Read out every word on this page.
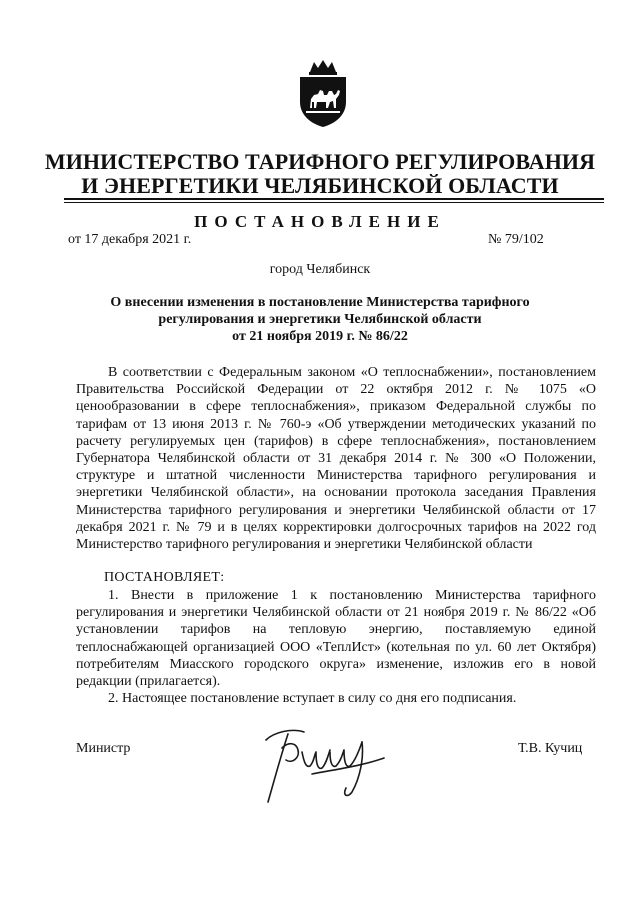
МИНИСТЕРСТВО ТАРИФНОГО РЕГУЛИРОВАНИЯ
И ЭНЕРГЕТИКИ ЧЕЛЯБИНСКОЙ ОБЛАСТИ
ПОСТАНОВЛЕНИЕ
от 17 декабря 2021 г.	№ 79/102
город Челябинск
О внесении изменения в постановление Министерства тарифного
регулирования и энергетики Челябинской области
от 21 ноября 2019 г. № 86/22
В соответствии с Федеральным законом «О теплоснабжении», постановлением Правительства Российской Федерации от 22 октября 2012 г. № 1075 «О ценообразовании в сфере теплоснабжения», приказом Федеральной службы по тарифам от 13 июня 2013 г. № 760-э «Об утверждении методических указаний по расчету регулируемых цен (тарифов) в сфере теплоснабжения», постановлением Губернатора Челябинской области от 31 декабря 2014 г. № 300 «О Положении, структуре и штатной численности Министерства тарифного регулирования и энергетики Челябинской области», на основании протокола заседания Правления Министерства тарифного регулирования и энергетики Челябинской области от 17 декабря 2021 г. № 79 и в целях корректировки долгосрочных тарифов на 2022 год Министерство тарифного регулирования и энергетики Челябинской области
ПОСТАНОВЛЯЕТ:
1. Внести в приложение 1 к постановлению Министерства тарифного регулирования и энергетики Челябинской области от 21 ноября 2019 г. № 86/22 «Об установлении тарифов на тепловую энергию, поставляемую единой теплоснабжающей организацией ООО «ТеплИст» (котельная по ул. 60 лет Октября) потребителям Миасского городского округа» изменение, изложив его в новой редакции (прилагается).
2. Настоящее постановление вступает в силу со дня его подписания.
Министр	Т.В. Кучиц
